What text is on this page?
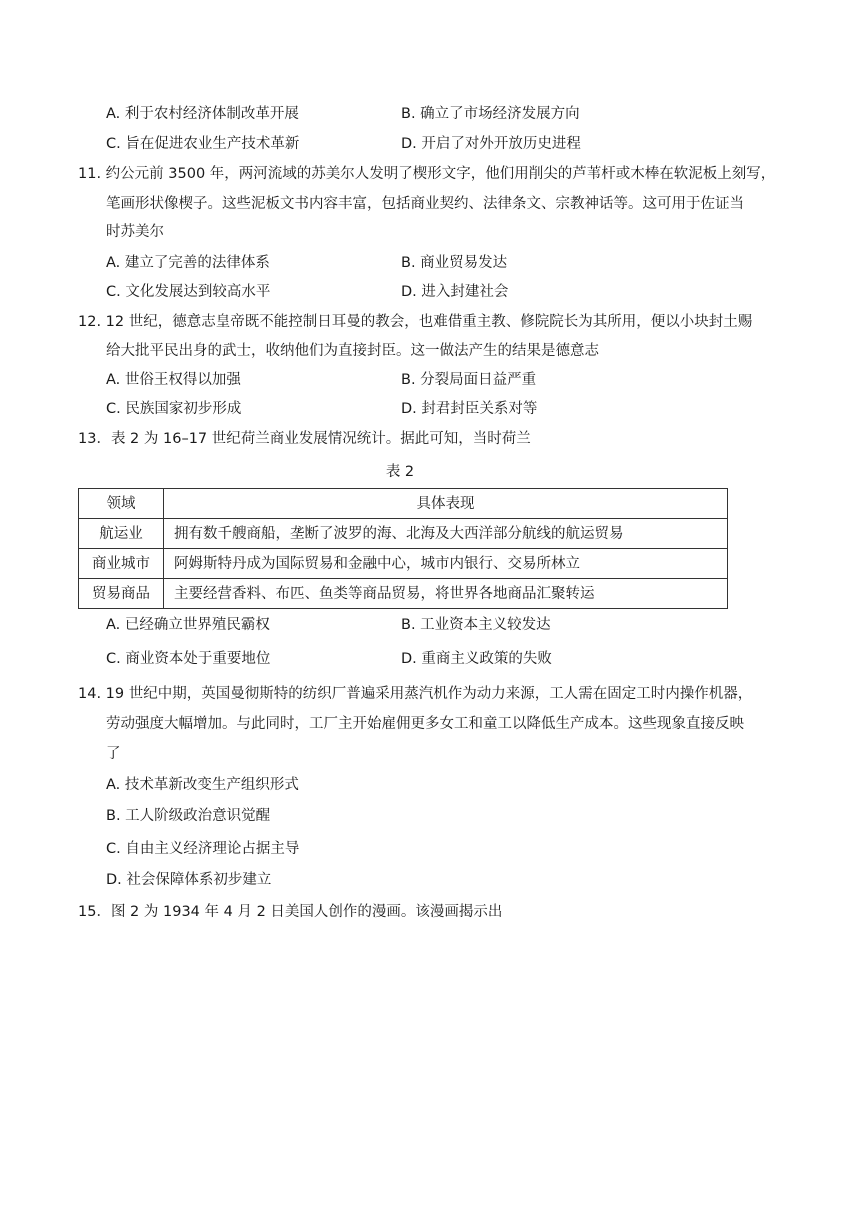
A. 利于农村经济体制改革开展	B. 确立了市场经济发展方向
C. 旨在促进农业生产技术革新	D. 开启了对外开放历史进程
11. 约公元前 3500 年，两河流域的苏美尔人发明了楔形文字，他们用削尖的芦苇杆或木棒在软泥板上刻写，
笔画形状像楔子。这些泥板文书内容丰富，包括商业契约、法律条文、宗教神话等。这可用于佐证当
时苏美尔
A. 建立了完善的法律体系	B. 商业贸易发达
C. 文化发展达到较高水平	D. 进入封建社会
12. 12 世纪，德意志皇帝既不能控制日耳曼的教会，也难借重主教、修院院长为其所用，便以小块封土赐
给大批平民出身的武士，收纳他们为直接封臣。这一做法产生的结果是德意志
A. 世俗王权得以加强	B. 分裂局面日益严重
C. 民族国家初步形成	D. 封君封臣关系对等
13．表 2 为 16–17 世纪荷兰商业发展情况统计。据此可知，当时荷兰
表 2
领域	具体表现
航运业	拥有数千艘商船，垄断了波罗的海、北海及大西洋部分航线的航运贸易
商业城市	阿姆斯特丹成为国际贸易和金融中心，城市内银行、交易所林立
贸易商品	主要经营香料、布匹、鱼类等商品贸易，将世界各地商品汇聚转运
A. 已经确立世界殖民霸权	B. 工业资本主义较发达
C. 商业资本处于重要地位	D. 重商主义政策的失败
14. 19 世纪中期，英国曼彻斯特的纺织厂普遍采用蒸汽机作为动力来源，工人需在固定工时内操作机器，
劳动强度大幅增加。与此同时，工厂主开始雇佣更多女工和童工以降低生产成本。这些现象直接反映
了
A. 技术革新改变生产组织形式
B. 工人阶级政治意识觉醒
C. 自由主义经济理论占据主导
D. 社会保障体系初步建立
15．图 2 为 1934 年 4 月 2 日美国人创作的漫画。该漫画揭示出
